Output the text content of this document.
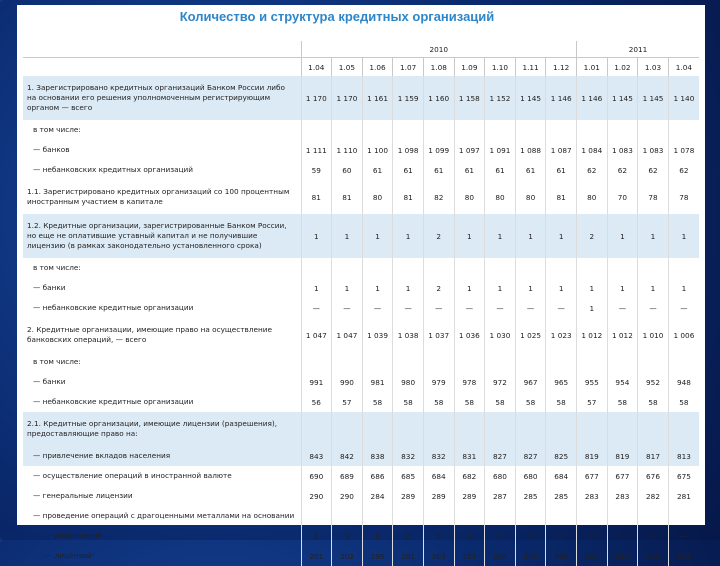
Количество и структура кредитных организаций
	2010									2011			
	1.04	1.05	1.06	1.07	1.08	1.09	1.10	1.11	1.12	1.01	1.02	1.03	1.04
1. Зарегистрировано кредитных организаций Банком России либо на основании его решения уполномоченным регистрирующим органом — всего	1 170	1 170	1 161	1 159	1 160	1 158	1 152	1 145	1 146	1 146	1 145	1 145	1 140
в том числе:													
— банков	1 111	1 110	1 100	1 098	1 099	1 097	1 091	1 088	1 087	1 084	1 083	1 083	1 078
— небанковских кредитных организаций	59	60	61	61	61	61	61	61	61	62	62	62	62
1.1. Зарегистрировано кредитных организаций со 100 процентным иностранным участием в капитале	81	81	80	81	82	80	80	80	81	80	70	78	78
1.2. Кредитные организации, зарегистрированные Банком России, но еще не оплатившие уставный капитал и не получившие лицензию (в рамках законодательно установленного срока)	1	1	1	1	2	1	1	1	1	2	1	1	1
в том числе:													
— банки	1	1	1	1	2	1	1	1	1	1	1	1	1
— небанковские кредитные организации	—	—	—	—	—	—	—	—	—	1	—	—	—
2. Кредитные организации, имеющие право на осуществление банковских операций, — всего	1 047	1 047	1 039	1 038	1 037	1 036	1 030	1 025	1 023	1 012	1 012	1 010	1 006
в том числе:													
— банки	991	990	981	980	979	978	972	967	965	955	954	952	948
— небанковские кредитные организации	56	57	58	58	58	58	58	58	58	57	58	58	58
2.1. Кредитные организации, имеющие лицензии (разрешения), предоставляющие право на:													
— привлечение вкладов населения	843	842	838	832	832	831	827	827	825	819	819	817	813
— осуществление операций в иностранной валюте	690	689	686	685	684	682	680	680	684	677	677	676	675
— генеральные лицензии	290	290	284	289	289	289	287	285	285	283	283	282	281
— проведение операций с драгоценными металлами на основании													
— разрешений	2	2	2	2	2	2	—	—	—	—	—	—	—
— лицензий¹	201	202	199	201	203	203	206	205	206	205	210	210	209
